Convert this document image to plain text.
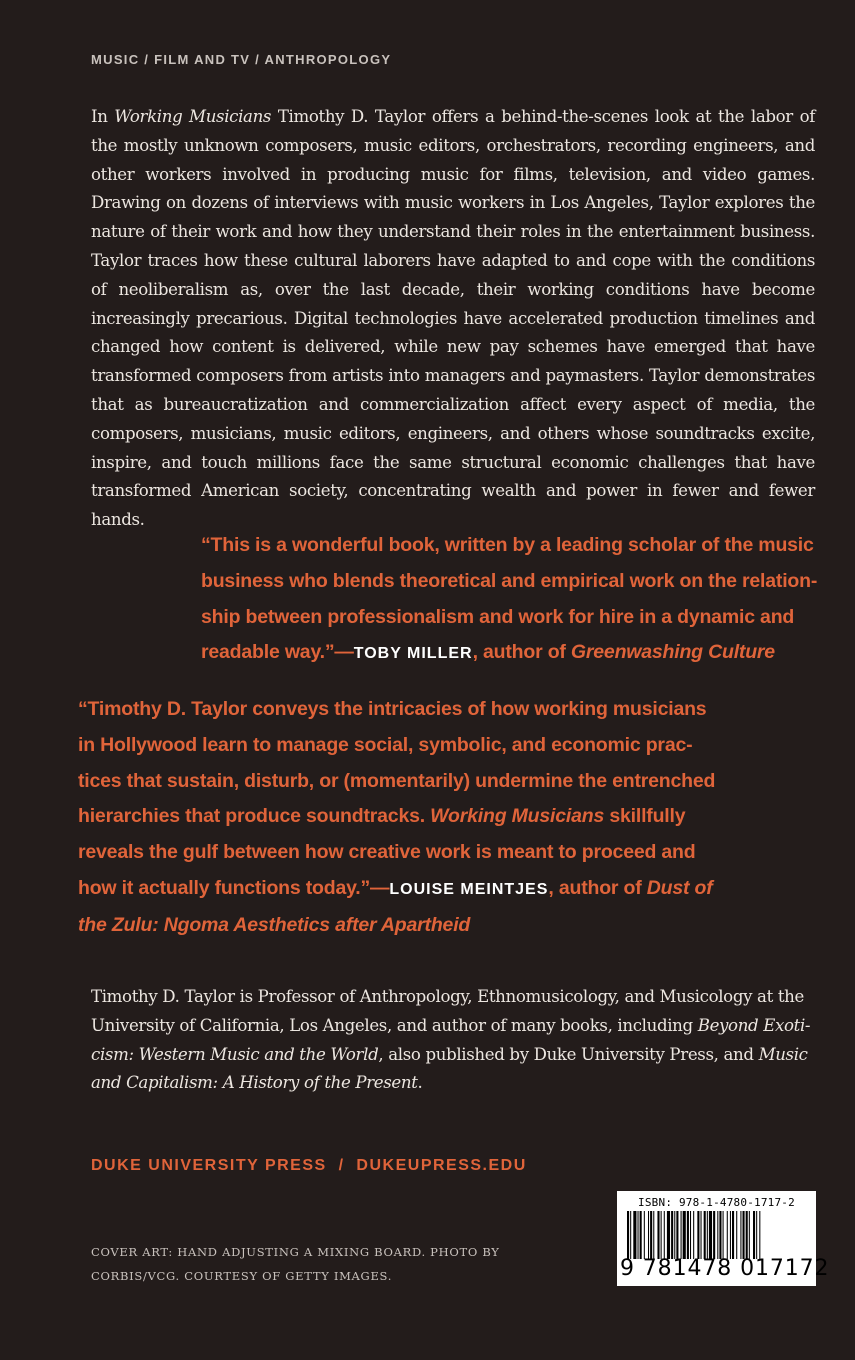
MUSIC / FILM AND TV / ANTHROPOLOGY

In Working Musicians Timothy D. Taylor offers a behind-the-scenes look at the labor of the mostly unknown composers, music editors, orchestrators, recording engineers, and other workers involved in producing music for films, television, and video games. Drawing on dozens of interviews with music workers in Los Angeles, Taylor explores the nature of their work and how they understand their roles in the entertainment business. Taylor traces how these cultural laborers have adapted to and cope with the conditions of neoliberalism as, over the last decade, their working conditions have become increasingly precarious. Digital technologies have accelerated production timelines and changed how content is delivered, while new pay schemes have emerged that have transformed composers from artists into managers and paymasters. Taylor demonstrates that as bureaucratization and commercialization affect every aspect of media, the composers, musicians, music editors, engineers, and others whose soundtracks excite, inspire, and touch millions face the same structural economic challenges that have transformed American society, concentrating wealth and power in fewer and fewer hands.

“This is a wonderful book, written by a leading scholar of the music business who blends theoretical and empirical work on the relationship between professionalism and work for hire in a dynamic and readable way.”—TOBY MILLER, author of Greenwashing Culture

“Timothy D. Taylor conveys the intricacies of how working musicians in Hollywood learn to manage social, symbolic, and economic practices that sustain, disturb, or (momentarily) undermine the entrenched hierarchies that produce soundtracks. Working Musicians skillfully reveals the gulf between how creative work is meant to proceed and how it actually functions today.”—LOUISE MEINTJES, author of Dust of the Zulu: Ngoma Aesthetics after Apartheid

Timothy D. Taylor is Professor of Anthropology, Ethnomusicology, and Musicology at the University of California, Los Angeles, and author of many books, including Beyond Exoticism: Western Music and the World, also published by Duke University Press, and Music and Capitalism: A History of the Present.

DUKE UNIVERSITY PRESS  /  DUKEUPRESS.EDU
COVER ART: HAND ADJUSTING A MIXING BOARD. PHOTO BY CORBIS/VCG. COURTESY OF GETTY IMAGES.
ISBN: 978-1-4780-1717-2
9 781478 017172
